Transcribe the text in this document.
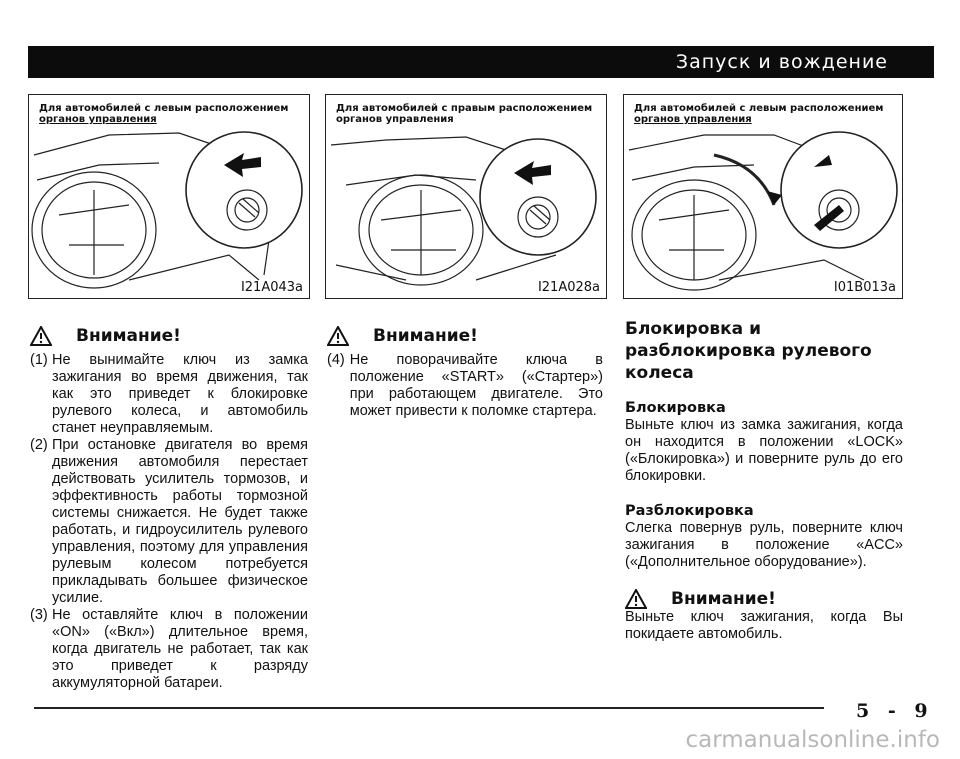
Запуск и вождение
Для автомобилей с левым расположением
органов управления
I21A043a
Для автомобилей с правым расположением
органов управления
I21A028a
Для автомобилей с левым расположением
органов управления
I01B013a
Внимание!
(1) Не вынимайте ключ из замка зажигания во время движения, так как это приведет к блокировке рулевого колеса, и автомобиль станет неуправляемым.
(2) При остановке двигателя во время движения автомобиля перестает действовать усилитель тормозов, и эффективность работы тормозной системы снижается. Не будет также работать, и гидроусилитель рулевого управления, поэтому для управления рулевым колесом потребуется прикладывать большее физическое усилие.
(3) Не оставляйте ключ в положении «ON» («Вкл») длительное время, когда двигатель не работает, так как это приведет к разряду аккумуляторной батареи.
Внимание!
(4) Не поворачивайте ключа в положение «START» («Стартер») при работающем двигателе. Это может привести к поломке стартера.
Блокировка и разблокировка рулевого колеса
Блокировка
Выньте ключ из замка зажигания, когда он находится в положении «LOCK» («Блокировка») и поверните руль до его блокировки.
Разблокировка
Слегка повернув руль, поверните ключ зажигания в положение «ACC» («Дополнительное оборудование»).
Внимание!
Выньте ключ зажигания, когда Вы покидаете автомобиль.
5 - 9
carmanualsonline.info
